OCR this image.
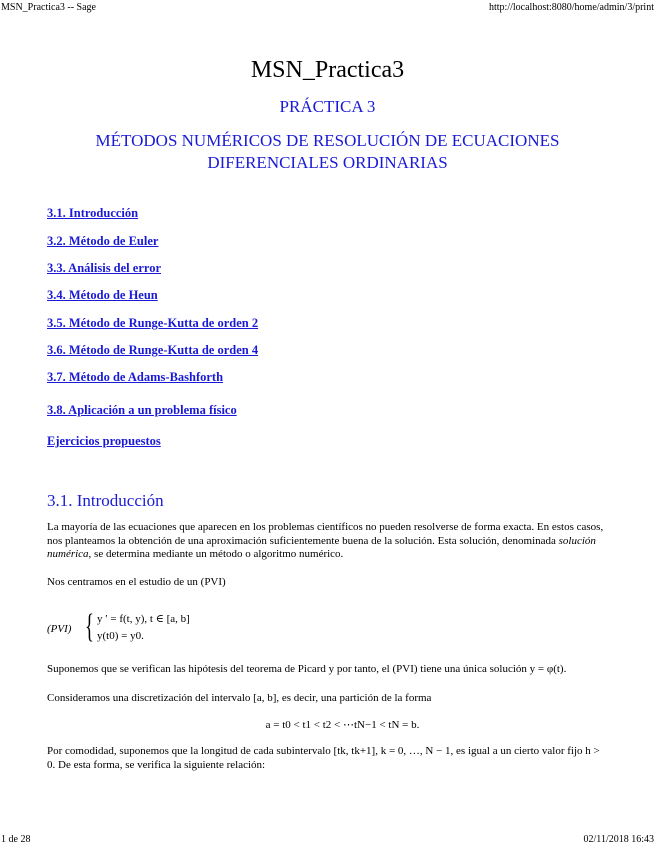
MSN_Practica3 -- Sage	http://localhost:8080/home/admin/3/print
MSN_Practica3
PRÁCTICA 3
MÉTODOS NUMÉRICOS DE RESOLUCIÓN DE ECUACIONES DIFERENCIALES ORDINARIAS
3.1. Introducción
3.2. Método de Euler
3.3. Análisis del error
3.4. Método de Heun
3.5. Método de Runge-Kutta de orden 2
3.6. Método de Runge-Kutta de orden 4
3.7. Método de Adams-Bashforth
3.8. Aplicación a un problema físico
Ejercicios propuestos
3.1. Introducción

La mayoría de las ecuaciones que aparecen en los problemas científicos no pueden resolverse de forma exacta. En estos casos, nos planteamos la obtención de una aproximación suficientemente buena de la solución. Esta solución, denominada solución numérica, se determina mediante un método o algoritmo numérico.

Nos centramos en el estudio de un (PVI)

(PVI) { y ′ = f(t, y), t ∈ [a, b]
y(t0) = y0.

Suponemos que se verifican las hipótesis del teorema de Picard y por tanto, el (PVI) tiene una única solución y = φ(t).

Consideramos una discretización del intervalo [a, b], es decir, una partición de la forma

a = t0 < t1 < t2 < ⋯tN−1 < tN = b.

Por comodidad, suponemos que la longitud de cada subintervalo [tk, tk+1], k = 0, …, N − 1, es igual a un cierto valor fijo h > 0. De esta forma, se verifica la siguiente relación:

1 de 28	02/11/2018 16:43
